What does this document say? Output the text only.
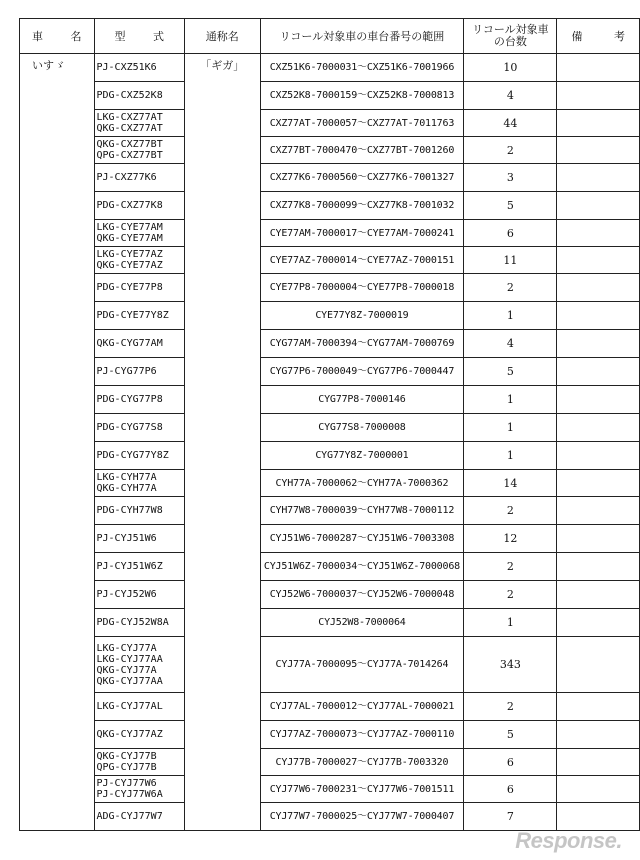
車 名	型 式	通称名	リコール対象車の車台番号の範囲	リコール対象車
の台数	備 考
いすゞ	PJ-CXZ51K6	「ギガ」	CXZ51K6-7000031～CXZ51K6-7001966	10	

	PDG-CXZ52K8		CXZ52K8-7000159～CXZ52K8-7000813	4	

	LKG-CXZ77AT
QKG-CXZ77AT		CXZ77AT-7000057～CXZ77AT-7011763	44	

	QKG-CXZ77BT
QPG-CXZ77BT		CXZ77BT-7000470～CXZ77BT-7001260	2	

	PJ-CXZ77K6		CXZ77K6-7000560～CXZ77K6-7001327	3	

	PDG-CXZ77K8		CXZ77K8-7000099～CXZ77K8-7001032	5	

	LKG-CYE77AM
QKG-CYE77AM		CYE77AM-7000017～CYE77AM-7000241	6	

	LKG-CYE77AZ
QKG-CYE77AZ		CYE77AZ-7000014～CYE77AZ-7000151	11	

	PDG-CYE77P8		CYE77P8-7000004～CYE77P8-7000018	2	

	PDG-CYE77Y8Z		CYE77Y8Z-7000019	1	

	QKG-CYG77AM		CYG77AM-7000394～CYG77AM-7000769	4	

	PJ-CYG77P6		CYG77P6-7000049～CYG77P6-7000447	5	

	PDG-CYG77P8		CYG77P8-7000146	1	

	PDG-CYG77S8		CYG77S8-7000008	1	

	PDG-CYG77Y8Z		CYG77Y8Z-7000001	1	

	LKG-CYH77A
QKG-CYH77A		CYH77A-7000062～CYH77A-7000362	14	

	PDG-CYH77W8		CYH77W8-7000039～CYH77W8-7000112	2	

	PJ-CYJ51W6		CYJ51W6-7000287～CYJ51W6-7003308	12	

	PJ-CYJ51W6Z		CYJ51W6Z-7000034～CYJ51W6Z-7000068	2	

	PJ-CYJ52W6		CYJ52W6-7000037～CYJ52W6-7000048	2	

	PDG-CYJ52W8A		CYJ52W8-7000064	1	

	LKG-CYJ77A
LKG-CYJ77AA
QKG-CYJ77A
QKG-CYJ77AA		CYJ77A-7000095～CYJ77A-7014264	343	

	LKG-CYJ77AL		CYJ77AL-7000012～CYJ77AL-7000021	2	

	QKG-CYJ77AZ		CYJ77AZ-7000073～CYJ77AZ-7000110	5	

	QKG-CYJ77B
QPG-CYJ77B		CYJ77B-7000027～CYJ77B-7003320	6	

	PJ-CYJ77W6
PJ-CYJ77W6A		CYJ77W6-7000231～CYJ77W6-7001511	6	

	ADG-CYJ77W7		CYJ77W7-7000025～CYJ77W7-7000407	7	
Response.
